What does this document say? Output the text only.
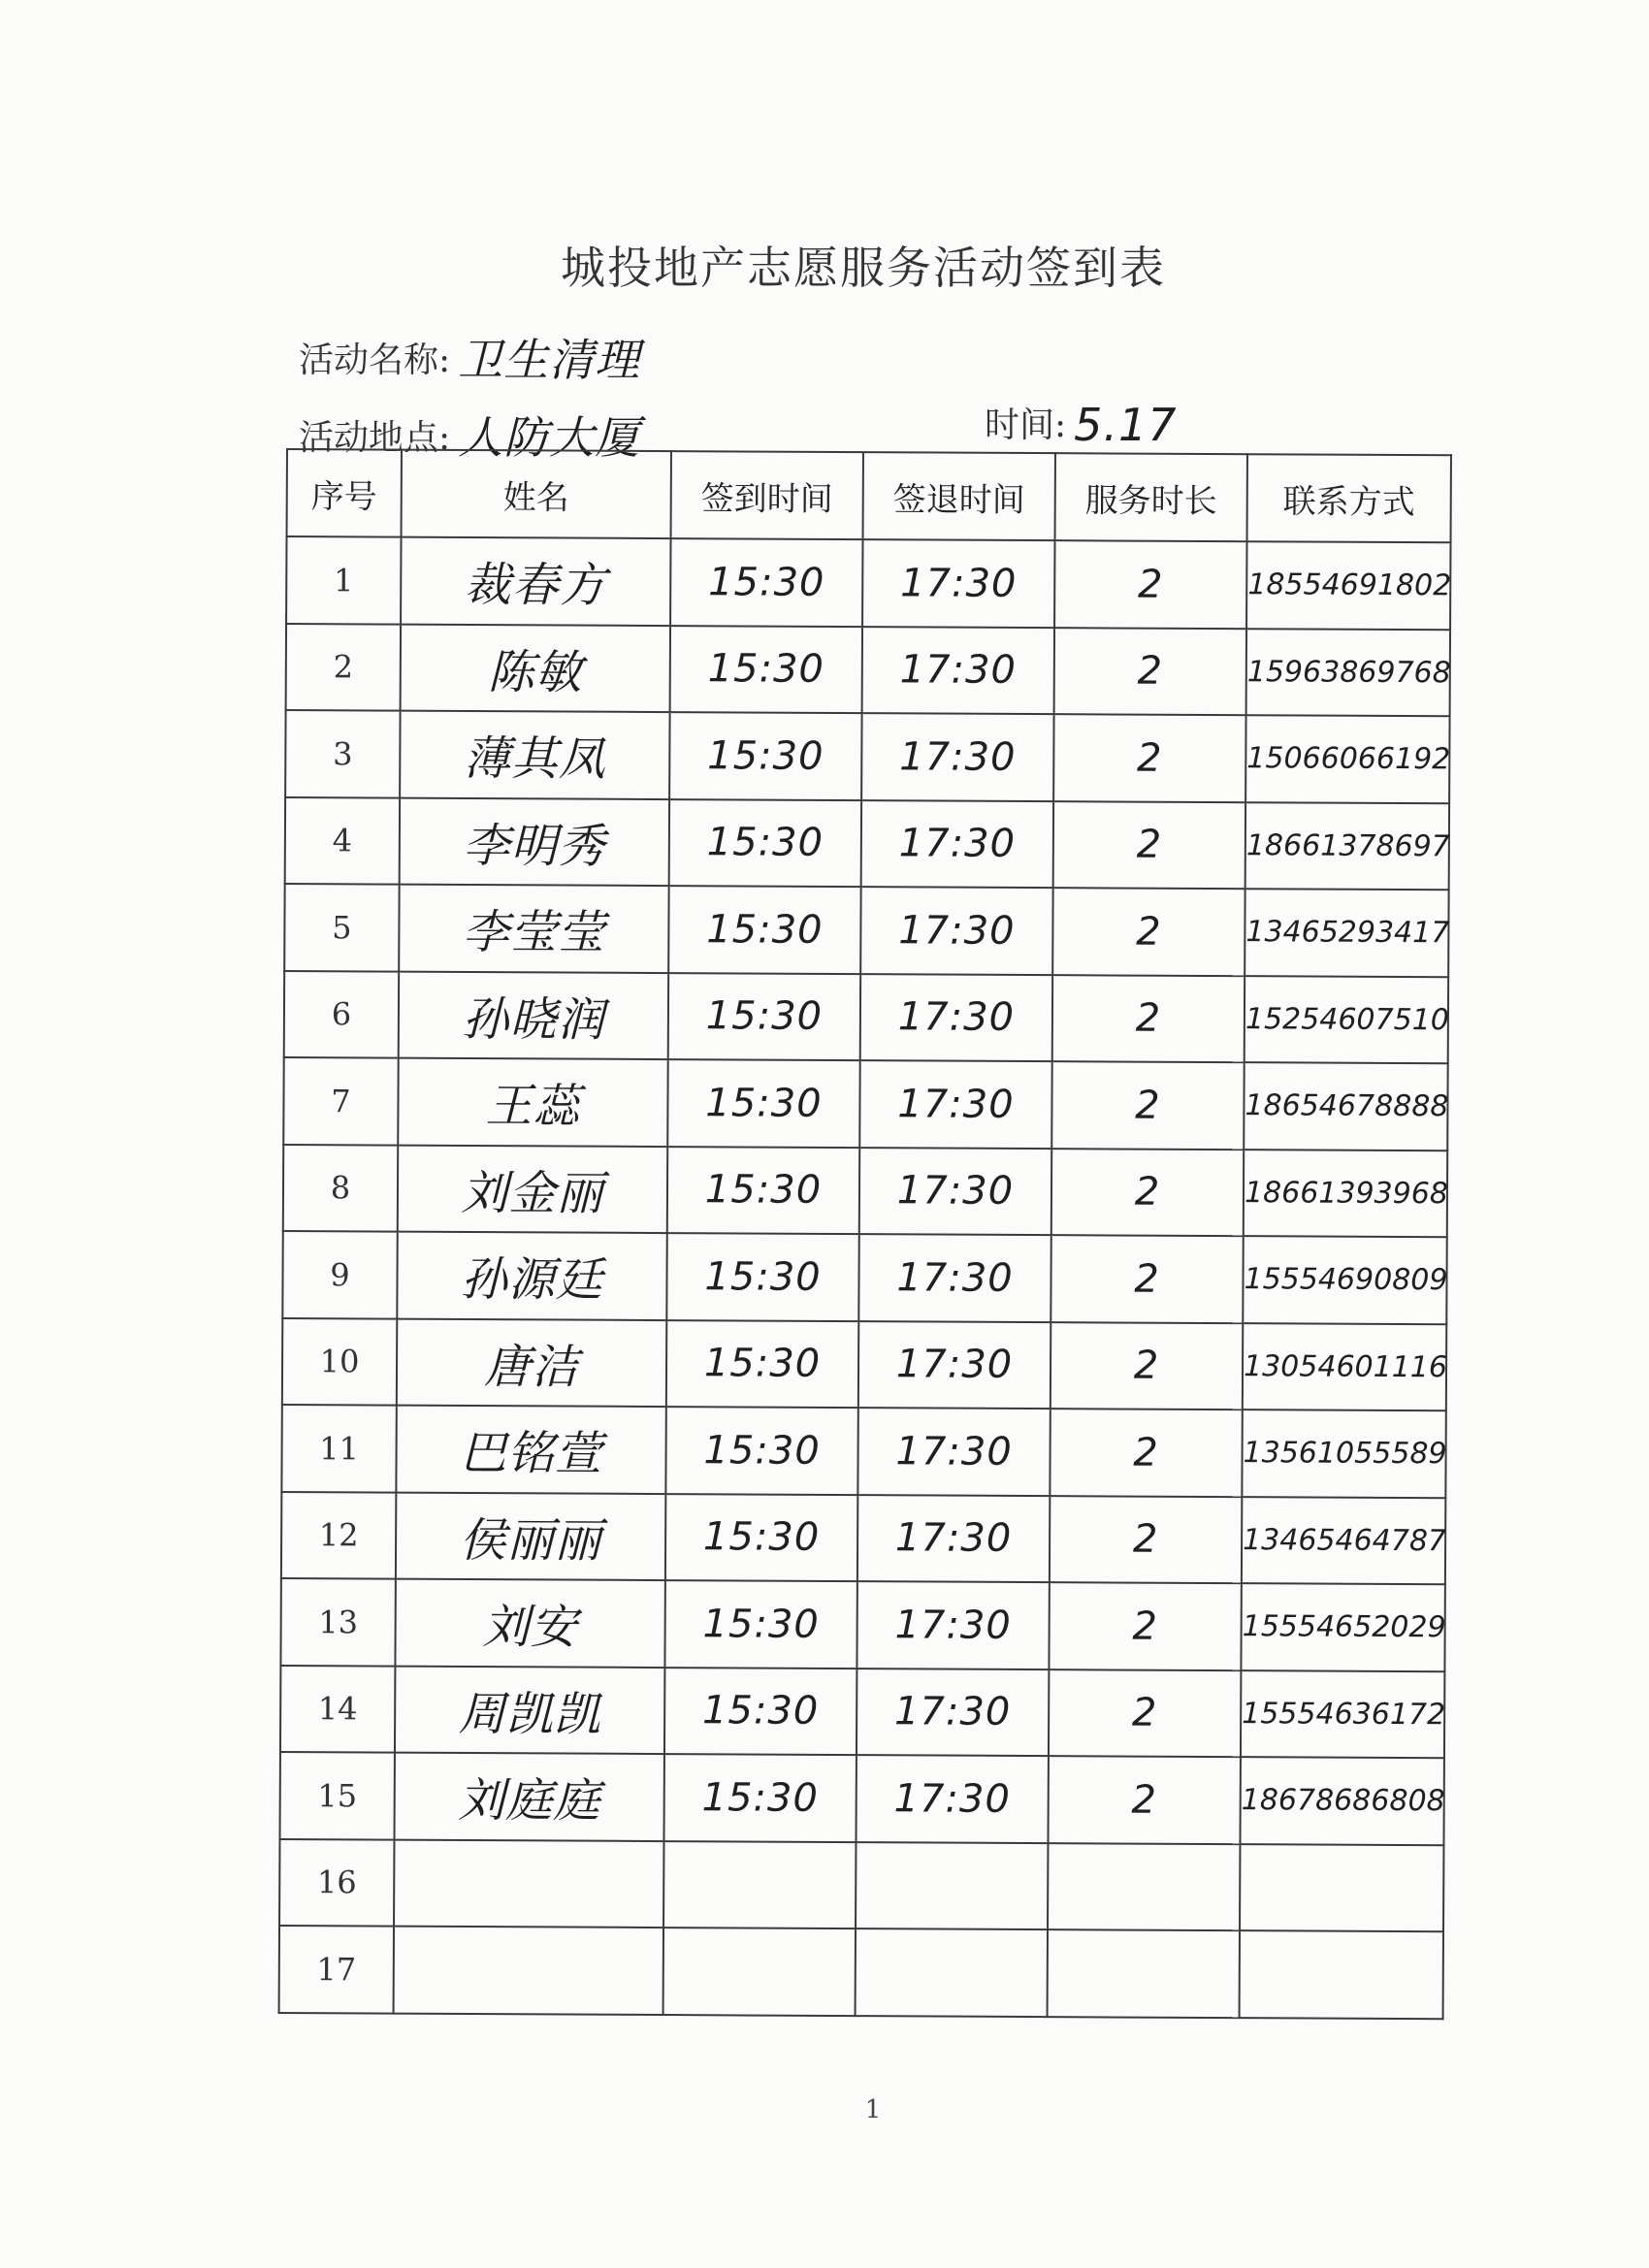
城投地产志愿服务活动签到表
活动名称: 卫生清理
活动地点: 人防大厦	时间: 5.17
序号	姓名	签到时间	签退时间	服务时长	联系方式
1	裁春方	15:30	17:30	2	18554691802
2	陈敏	15:30	17:30	2	15963869768
3	薄其凤	15:30	17:30	2	15066066192
4	李明秀	15:30	17:30	2	18661378697
5	李莹莹	15:30	17:30	2	13465293417
6	孙晓润	15:30	17:30	2	15254607510
7	王蕊	15:30	17:30	2	18654678888
8	刘金丽	15:30	17:30	2	18661393968
9	孙源廷	15:30	17:30	2	15554690809
10	唐洁	15:30	17:30	2	13054601116
11	巴铭萱	15:30	17:30	2	13561055589
12	侯丽丽	15:30	17:30	2	13465464787
13	刘安	15:30	17:30	2	15554652029
14	周凯凯	15:30	17:30	2	15554636172
15	刘庭庭	15:30	17:30	2	18678686808
16					
17					
1
